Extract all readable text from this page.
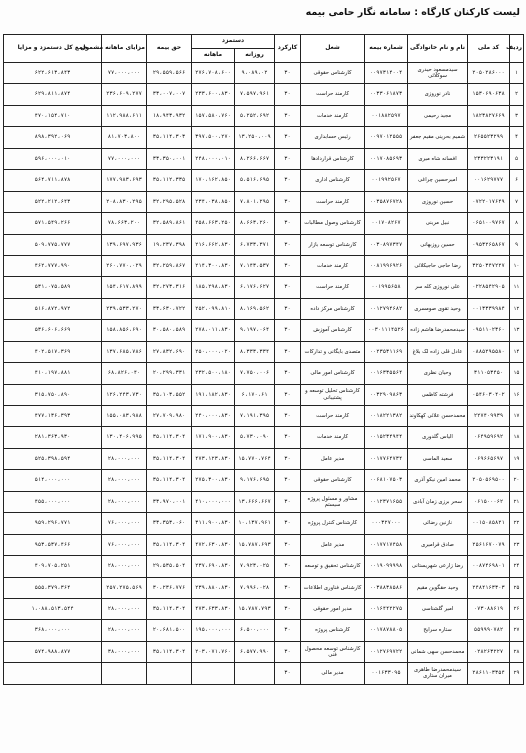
لیست کارکنان کارگاه : سامانه نگار حامی بیمه
ردیف	کد ملی	نام و نام خانوادگی	شماره بیمه	شغل	کارکرد	دستمزد		حق بیمه	مزایای ماهانه مشمول	جمع کل دستمزد و مزایا
						روزانه	ماهانه			
۱	۲۰۵۰۲۸۶۰۰۰	سیدمسعود حیدری سوکلائی	۰۰۹۷۳۱۴۰۰۴	کارشناس حقوقی	۳۰	۹،۰۸۹،۰۲	۲۷۶،۷۰۸،۶۰۰	۲۹،۵۵۹،۵۶۶	۷۷،۰۰۰،۰۰۰	۶۲۲،۶۱۳،۸۴۳
۲	۱۵۳۰۶۹۰۶۳۸	نادر نوروزی	۰۰۳۳۰۶۱۸۷۳	کارمند حراست	۳۰	۷،۵۹۷،۹۶۱	۲۳۳،۶۰۰،۸۳۰	۳۳،۰۰۷،۰۰۷	۲۳۶،۶۰۹،۲۷۷	۶۲۹،۸۱۱،۸۷۴
۳	۱۸۲۳۸۲۷۶۶۹	مجید رحیمی	۰۰۱۸۸۲۵۹۷	کارمند خدمات	۳۰	۵،۲۵۲،۶۹۲	۱۵۷،۵۸۰،۷۶۰	۱۸،۹۴۳،۹۳۲	۱۱۲،۹۸۸،۶۱۱	۴۷۰،۱۵۴،۷۱۰
۴	۲۶۵۵۲۳۲۹۹	شمیم بحرینی مقیم جعفر	۰۰۹۷۰۱۲۵۵۵	رئیس حسابداری	۳۰	۱۳،۲۵۰،۰۰۹	۳۹۷،۵۰۰،۲۷۰	۳۵،۱۱۴،۳۰۳	۸۱،۷۰۳،۸۰۰	۸۹۸،۳۹۲،۰۶۹
۵	۲۳۳۲۲۳۱۹۱	افسانه شاه میری	۰۰۱۷۰۸۵۶۹۳	کارشناس قراردادها	۳۰	۸،۲۶۶،۶۶۷	۲۴۸،۰۰۰،۰۱۰	۳۳،۳۵۰،۰۰۱	۷۷،۰۰۰،۰۰۰	۵۹۶،۰۰۰،۰۱۰
۶	۰۰۱۶۲۹۷۷۷	امیرحسین چراغی	۰۰۱۹۹۲۵۶۷	کارشناس اداری	۳۰	۵،۵۱۶،۶۹۵	۱۷۰،۱۶۲،۸۵۰	۳۵،۱۱۲،۳۳۵	۱۷۷،۹۸۳،۶۹۳	۵۶۴،۷۱۱،۸۷۸
۷	۰۷۲۲۰۱۷۶۴۹	حسین نوروزی	۰۰۳۵۸۷۶۷۲۸	کارمند حراست	۳۰	۷،۸۰۱،۲۹۵	۲۳۴،۰۳۸،۸۵۰	۳۲،۲۹۵،۵۲۸	۲۰۸،۸۳۰،۲۹۵	۵۲۲،۲۱۲،۶۴۳
۸	۰۶۵۱۰۰۹۷۶۷	نبیل مرینی	۰۰۱۷۰۸۲۶۷	کارشناس وصول مطالبات	۳۰	۸،۶۶۳،۲۶۰	۲۵۸،۶۶۳،۲۵۰	۳۲،۵۸۹،۸۶۱	۷۸،۶۶۳،۲۰۰	۵۷۱،۵۴۹،۲۶۶
۹	۰۹۵۳۲۶۵۸۶۷	حسین روزبهانی	۰۰۳۰۸۹۷۳۴۷	کارشناس توسعه بازار	۳۰	۶،۷۳۳،۳۷۱	۲۱۶،۶۶۲،۸۳۰	۱۹،۲۳۷،۳۹۸	۱۳۹،۶۹۷،۹۳۶	۵۰۹،۷۷۵،۷۷۷
۱۰	۳۲۵۰۳۴۷۲۲۷	رضا حاجی حاجیکلائی	۰۰۸۱۹۹۶۹۲۶	کارمند خدمات	۳۰	۷،۱۴۳،۵۳۷	۲۱۴،۳۰۰،۸۳۰	۳۲،۲۵۹،۸۶۷	۲۶۰،۷۷۰،۰۲۹	۴۶۲،۷۷۷،۹۹۰
۱۱	۰۲۲۸۵۴۲۹۰۵	علی نوروزی کله سر	۰۰۱۹۹۵۶۵۸	کارمند حراست	۳۰	۶،۱۷۶،۶۲۷	۱۸۵،۲۹۸،۸۳۰	۳۲،۲۷۳،۳۱۶	۱۵۴،۶۱۷،۸۹۹	۵۳۱،۰۷۵،۵۸۹
۱۲	۰۰۱۳۳۳۹۹۸۴	وحید تقوی صومسری	۰۰۱۲۷۹۴۶۸۲	کارشناس مرکز داده	۳۰	۸،۱۶۹،۵۶۲	۲۵۲،۰۹۹،۸۱۰	۳۳،۶۳۰،۷۲۲	۲۳۹،۵۳۳،۲۷۰	۵۱۶،۸۷۲،۹۷۲
۱۳	۰۹۵۱۱۰۲۳۶۰	سیدمحمدرضا هاشم زاده	۰۰۳۰۱۱۱۴۵۲۶	کارشناس آموزش	۳۰	۹،۱۹۷،۰۶۴	۲۷۸،۰۱۱،۸۳۰	۳۰،۵۸۰،۵۸۹	۱۵۸،۸۵۶،۶۹۰	۵۳۶،۶۰۶،۶۶۹
۱۴	۰۸۸۵۲۹۵۵۸۰	عادل قلی زاده لک بلاغ	۰۰۲۳۵۳۱۱۶۹	متصدی بایگانی و تدارکات	۳۰	۸،۳۳۳،۳۳۴	۲۵۰،۰۰۰،۰۲۰	۲۷،۸۳۲،۶۹۰	۱۳۷،۶۸۵،۷۸۶	۴۰۲،۵۱۷،۳۶۹
۱۵	۳۱۱۰۵۳۴۵۰	وحیان نظری	۰۰۱۶۳۳۵۵۶۴	کارشناس امور مالی	۳۰	۷،۷۵۰،۰۰۶	۲۳۲،۵۰۰،۱۸۰	۲۰،۲۹۹،۳۳۱	۶۸،۸۲۶،۰۴۰	۴۱۰،۱۹۷،۸۸۱
۱۶	۰۵۴۶۰۳۰۴۰۲	فرشته کاظمی	۰۰۳۲۹۰۹۸۶۳	کارشناس تحلیل توسعه و پشتیبانی	۳۰	۶،۱۷۰،۶۱	۱۹۱،۱۸۲،۸۳۰	۳۵،۱۰۳،۵۵۲	۱۲۶،۲۴۳،۷۳۰	۳۱۵،۷۵۰،۸۹۰
۱۷	۲۲۷۴۰۹۹۳۹	محمدحسن علائی کهکاوند	۰۰۱۸۲۲۱۳۸۲	کارمند حراست	۳۰	۷،۱۹۱،۳۹۵	۲۴۰،۰۰۰،۸۳۰	۲۷،۷۰۹،۹۸۰	۱۵۵،۰۸۳،۹۸۸	۴۷۷،۱۳۶،۳۹۳
۱۸	۰۶۴۹۵۹۶۹۲	الیاس گلدوری	۰۰۱۵۲۳۴۹۴۴	کارمند خدمات	۳۰	۵،۷۳۰،۰۹۰	۱۷۱،۹۰۰،۸۳۰	۳۵،۱۱۴،۳۰۴	۱۳۰،۴۰۶،۹۹۵	۲۸۱،۳۶۳،۹۳۰
۱۹	۰۶۹۶۶۵۶۹۷	سعید الماسی	۰۰۱۷۷۶۴۷۳۴	مدیر عامل	۳۰	۱۵،۷۷۰،۷۶۴	۴۷۳،۱۲۳،۸۳۰	۳۵،۱۱۴،۳۰۴	۲۸،۰۰۰،۰۰۰	۵۲۵،۳۹۸،۵۹۴
۲۰	۲۰۵۰۵۶۹۵۰۰	محمد امین نیکو آذری	۰۰۶۸۱۰۷۵۰۳	کارشناس حقوقی	۳۰	۹،۱۷۶،۶۹۵	۲۷۵،۳۰۰،۸۳۰	۳۵،۱۱۴،۳۰۴	۲۸،۰۰۰،۰۰۰	۵۱۴،۰۰۰،۰۰۰
۲۱	۰۶۱۵۰۰۰۶۲	سحر برزی زمان آبادی	۰۰۱۲۳۷۱۶۵۵	مشاور و مسئول پروژه سیستم	۳۰	۱۳،۶۶۶،۶۶۷	۴۱۰،۰۰۰،۰۰۰	۳۳،۹۷۰،۰۰۱	۲۸،۰۰۰،۰۰۰	۴۵۵،۰۰۰،۰۰۰
۲۲	۰۰۱۵۰۸۵۸۲۱	نازنین رضائی	۰۰۰۳۲۷۰۰۰	کارشناس کنترل پروژه	۳۰	۱۰،۱۳۷،۹۶۱	۳۱۱،۹۰۰،۸۳۰	۳۳،۳۵۳،۰۶۰	۷۶،۰۰۰،۰۰۰	۹۵۹،۲۹۶،۷۷۱
۲۳	۲۵۶۱۶۷۰۰۷۹	صادق قرامیری	۰۰۱۷۷۱۷۴۵۸	مدیر عامل	۳۰	۱۵،۷۸۷،۶۹۳	۴۷۲،۶۳۰،۸۳۰	۳۵،۱۱۴،۳۰۴	۷۶،۰۰۰،۰۰۰	۹۵۳،۵۳۷،۴۶۶
۲۴	۰۰۸۷۴۶۹۸۰۱	رضا زارعی شهریستانی	۰۰۱۹۰۹۹۹۹۸	کارشناس تحقیق و توسعه	۳۰	۷،۹۲۳،۰۲۵	۲۳۷،۶۹۰،۸۳۰	۲۹،۵۳۵،۵۰۴	۲۸،۰۰۰،۰۰۰	۴۰۹،۷۰۵،۲۵۱
۲۵	۲۴۸۴۱۶۳۳۰۳	وحید حقگوین مقیم	۰۰۳۸۸۳۸۵۸۶	کارشناس فناوری اطلاعات	۳۰	۷،۹۹۶،۰۲۸	۲۳۹،۸۸۰،۸۳۰	۳۰،۲۳۶،۷۷۶	۲۵۷،۲۷۵،۵۶۹	۵۵۵،۳۷۹،۳۶۴
۲۶	۰۷۳۰۸۸۶۱۹	امیر گلشناسی	۰۰۱۶۴۴۲۲۷۵	مدیر امور حقوقی	۳۰	۱۵،۷۸۷،۷۹۳	۴۷۳،۶۳۳،۸۳۰	۳۵،۱۱۴،۳۰۴	۲۸،۰۰۰،۰۰۰	۱،۰۸۸،۵۱۳،۵۴۴
۲۷	۵۵۹۹۹۰۷۸۲	ستاره سرایح	۰۰۱۷۸۷۸۸۰۵	کارشناس پروژه	۳۰	۶،۵۰۰،۰۰۰	۱۹۵،۰۰۰،۰۰۰	۲۰،۶۸۱،۵۰۰	۲۸،۰۰۰،۰۰۰	۳۶۸،۰۰۰،۰۰۰
۲۸	۰۲۸۲۶۳۲۲۷	محمدحسن سهی شمانی	۰۰۱۲۷۶۹۷۲۲	کارشناس توسعه محصول فنی	۳۰	۶،۵۷۷،۹۹۰	۲۰۳،۰۷۱،۷۶۰	۳۵،۱۱۴،۳۰۴	۳۸،۰۰۰،۰۰۰	۵۷۴،۹۸۸،۸۷۷
۲۹	۲۸۶۱۱۰۳۳۵۴	سیدمحمدرضا طاهری میران ستاری	۰۰۱۶۳۳۰۹۵	مدیر مالی	۳۰					
